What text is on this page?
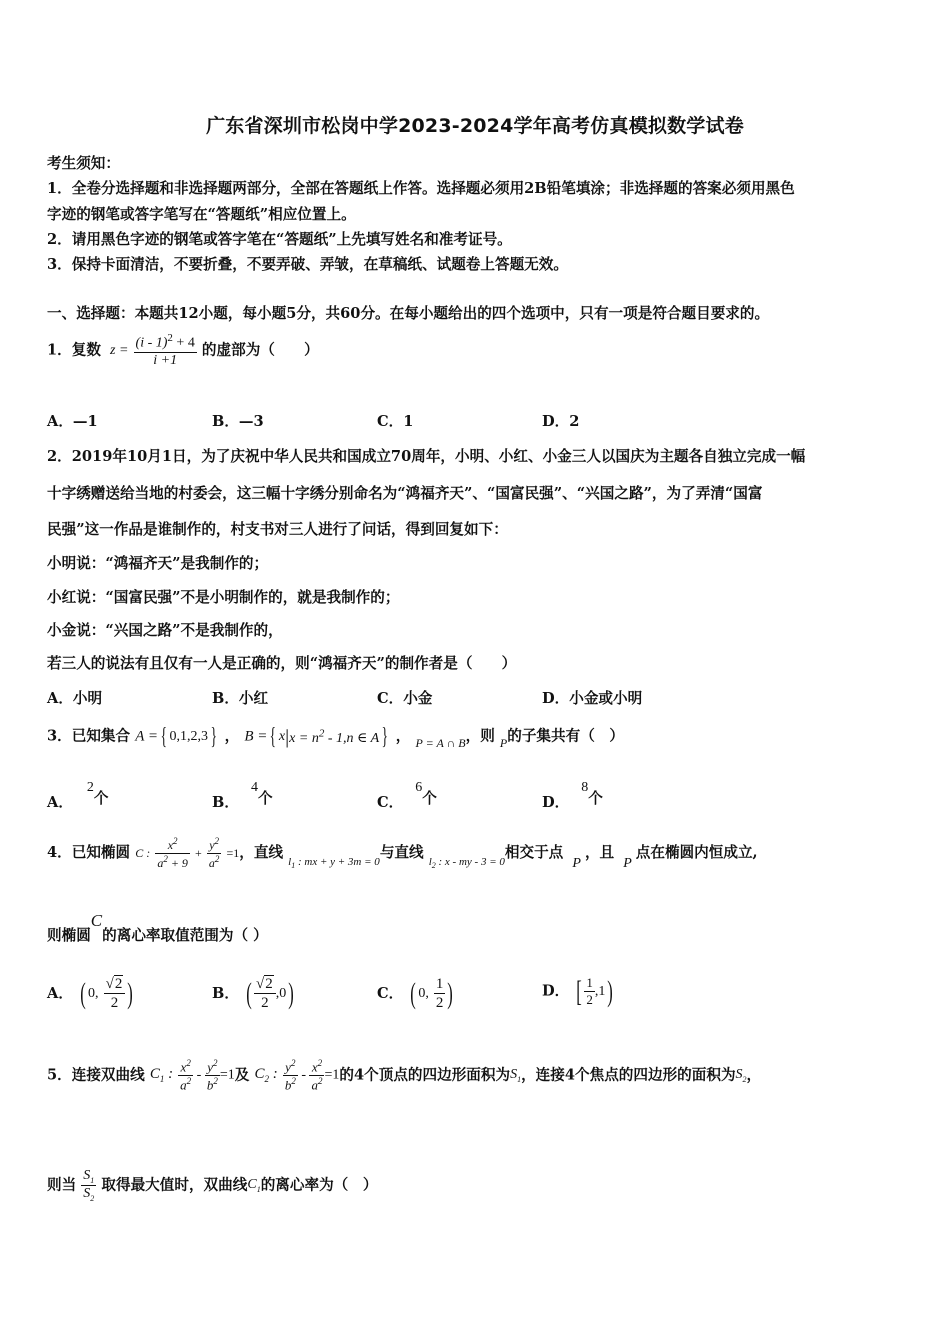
广东省深圳市松岗中学2023-2024学年高考仿真模拟数学试卷
考生须知：
1．全卷分选择题和非选择题两部分，全部在答题纸上作答。选择题必须用2B铅笔填涂；非选择题的答案必须用黑色
字迹的钢笔或答字笔写在“答题纸”相应位置上。
2．请用黑色字迹的钢笔或答字笔在“答题纸”上先填写姓名和准考证号。
3．保持卡面清洁，不要折叠，不要弄破、弄皱，在草稿纸、试题卷上答题无效。
一、选择题：本题共12小题，每小题5分，共60分。在每小题给出的四个选项中，只有一项是符合题目要求的。
1．复数 $z = \frac{(i - 1)^2 + 4}{i +1}$ 的虚部为（　　）
A．—1	B．—3	C．1	D．2
2．2019年10月1日，为了庆祝中华人民共和国成立70周年，小明、小红、小金三人以国庆为主题各自独立完成一幅
十字绣赠送给当地的村委会，这三幅十字绣分别命名为“鸿福齐天”、“国富民强”、“兴国之路”，为了弄清“国富
民强”这一作品是谁制作的，村支书对三人进行了问话，得到回复如下：
小明说：“鸿福齐天”是我制作的；
小红说：“国富民强”不是小明制作的，就是我制作的；
小金说：“兴国之路”不是我制作的，
若三人的说法有且仅有一人是正确的，则“鸿福齐天”的制作者是（　　）
A．小明	B．小红	C．小金	D．小金或小明
3．已知集合 A = { 0,1,2,3 } ， B = { $x|x = n^2 - 1,n$ ∈ A } ， $_{P = A \cap B}$，则 $_P$的子集共有（　）
A．2个	B．4个	C．6个	D．8个
4．已知椭圆 C : $\frac{x^2}{a^2 + 9} + \frac{y^2}{a^2} =1$，直线 $_{l_1 : mx + y + 3m = 0}$与直线 $_{l_2 : x - my - 3 = 0}$相交于点 P，且 P点在椭圆内恒成立,
则椭圆C的离心率取值范围为（ ）
A． ( 0, $\frac{√2}{2}$ )	B． ( $\frac{√2}{2} ,0$)	C． ( 0, $\frac{1}{2}$ )	D． [ $\frac{1}{2} ,1$)
5．连接双曲线 $C_1$ : $\frac{x^2}{a^2} - \frac{y^2}{b^2} =1$及 $C_2$ : $\frac{y^2}{b^2} - \frac{x^2}{a^2} =1$的4个顶点的四边形面积为$S_1$，连接4个焦点的四边形的面积为$S_2$，
则当 $\frac{S_1}{S_2}$ 取得最大值时，双曲线$C_1$的离心率为（　）
